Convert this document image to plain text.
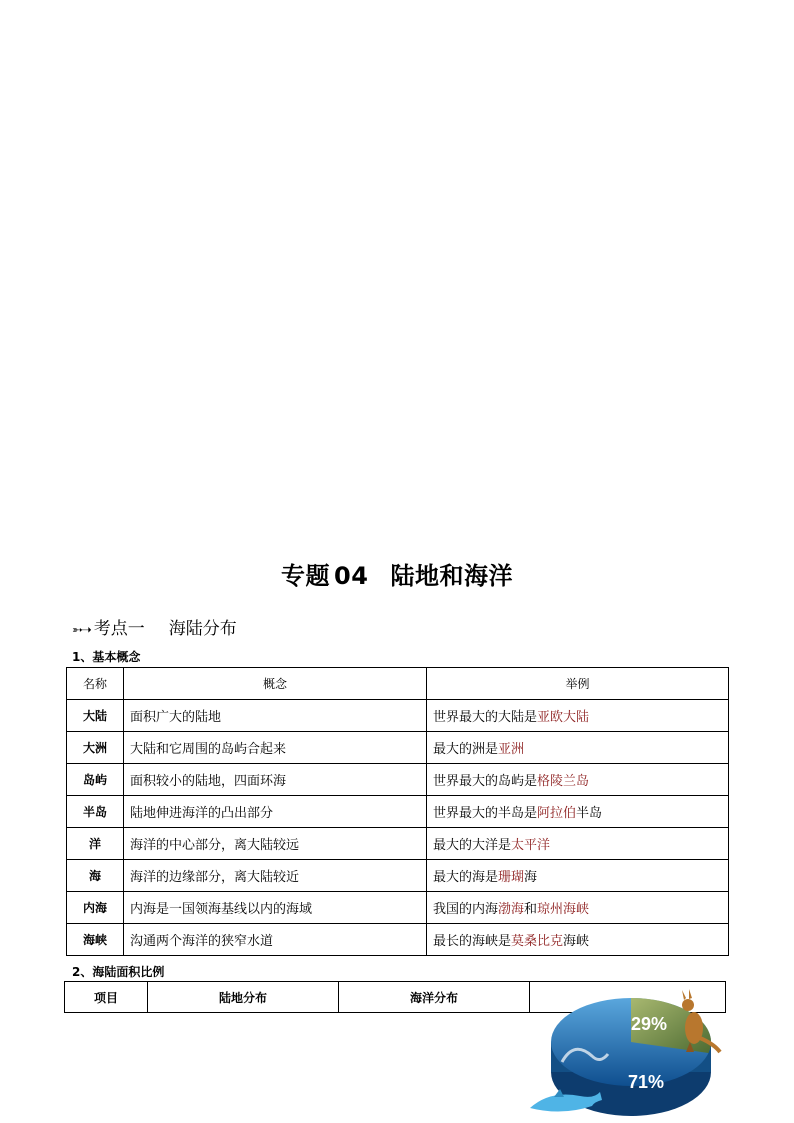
专题 04 陆地和海洋
➳➝ 考点一 海陆分布
1、基本概念
名称	概念	举例
大陆	面积广大的陆地	世界最大的大陆是亚欧大陆
大洲	大陆和它周围的岛屿合起来	最大的洲是亚洲
岛屿	面积较小的陆地，四面环海	世界最大的岛屿是格陵兰岛
半岛	陆地伸进海洋的凸出部分	世界最大的半岛是阿拉伯半岛
洋	海洋的中心部分，离大陆较远	最大的大洋是太平洋
海	海洋的边缘部分，离大陆较近	最大的海是珊瑚海
内海	内海是一国领海基线以内的海域	我国的内海渤海和琼州海峡
海峡	沟通两个海洋的狭窄水道	最长的海峡是莫桑比克海峡
2、海陆面积比例
项目	陆地分布	海洋分布	
29%
71%
